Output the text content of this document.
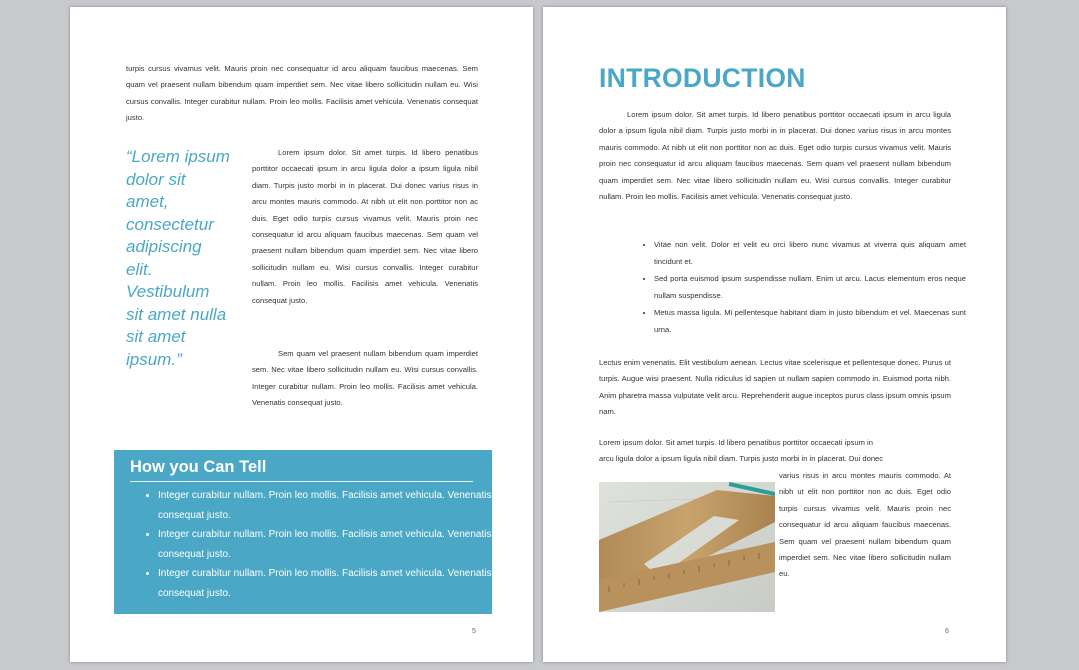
turpis cursus vivamus velit. Mauris proin nec consequatur id arcu aliquam faucibus maecenas. Sem quam vel praesent nullam bibendum quam imperdiet sem. Nec vitae libero sollicitudin nullam eu. Wisi cursus convallis. Integer curabitur nullam. Proin leo mollis. Facilisis amet vehicula. Venenatis consequat justo.

“Lorem ipsum dolor sit amet, consectetur adipiscing elit. Vestibulum sit amet nulla sit amet ipsum.”

Lorem ipsum dolor. Sit amet turpis. Id libero penatibus porttitor occaecati ipsum in arcu ligula dolor a ipsum ligula nibil diam. Turpis justo morbi in in placerat. Dui donec varius risus in arcu montes mauris commodo. At nibh ut elit non porttitor non ac duis. Eget odio turpis cursus vivamus velit. Mauris proin nec consequatur id arcu aliquam faucibus maecenas. Sem quam vel praesent nullam bibendum quam imperdiet sem. Nec vitae libero sollicitudin nullam eu. Wisi cursus convallis. Integer curabitur nullam. Proin leo mollis. Facilisis amet vehicula. Venenatis consequat justo.

Sem quam vel praesent nullam bibendum quam imperdiet sem. Nec vitae libero sollicitudin nullam eu. Wisi cursus convallis. Integer curabitur nullam. Proin leo mollis. Facilisis amet vehicula. Venenatis consequat justo.

How you Can Tell
• Integer curabitur nullam. Proin leo mollis. Facilisis amet vehicula. Venenatis consequat justo.
• Integer curabitur nullam. Proin leo mollis. Facilisis amet vehicula. Venenatis consequat justo.
• Integer curabitur nullam. Proin leo mollis. Facilisis amet vehicula. Venenatis consequat justo.
5
INTRODUCTION

Lorem ipsum dolor. Sit amet turpis. Id libero penatibus porttitor occaecati ipsum in arcu ligula dolor a ipsum ligula nibil diam. Turpis justo morbi in in placerat. Dui donec varius risus in arcu montes mauris commodo. At nibh ut elit non porttitor non ac duis. Eget odio turpis cursus vivamus velit. Mauris proin nec consequatur id arcu aliquam faucibus maecenas. Sem quam vel praesent nullam bibendum quam imperdiet sem. Nec vitae libero sollicitudin nullam eu. Wisi cursus convallis. Integer curabitur nullam. Proin leo mollis. Facilisis amet vehicula. Venenatis consequat justo.

• Vitae non velit. Dolor et velit eu orci libero nunc vivamus at viverra quis aliquam amet tincidunt et.
• Sed porta euismod ipsum suspendisse nullam. Enim ut arcu. Lacus elementum eros neque nullam suspendisse.
• Metus massa ligula. Mi pellentesque habitant diam in justo bibendum et vel. Maecenas sunt urna.

Lectus enim venenatis. Elit vestibulum aenean. Lectus vitae scelerisque et pellentesque donec. Purus ut turpis. Augue wisi praesent. Nulla ridiculus id sapien ut nullam sapien commodo in. Euismod porta nibh. Anim pharetra massa vulputate velit arcu. Reprehenderit augue inceptos purus class ipsum omnis ipsum nam.

Lorem ipsum dolor. Sit amet turpis. Id libero penatibus porttitor occaecati ipsum in

arcu ligula dolor a ipsum ligula nibil diam. Turpis justo morbi in in placerat. Dui donec

varius risus in arcu montes mauris commodo. At nibh ut elit non porttitor non ac duis. Eget odio turpis cursus vivamus velit. Mauris proin nec consequatur id arcu aliquam faucibus maecenas. Sem quam vel praesent nullam bibendum quam imperdiet sem. Nec vitae libero sollicitudin nullam eu.

6
